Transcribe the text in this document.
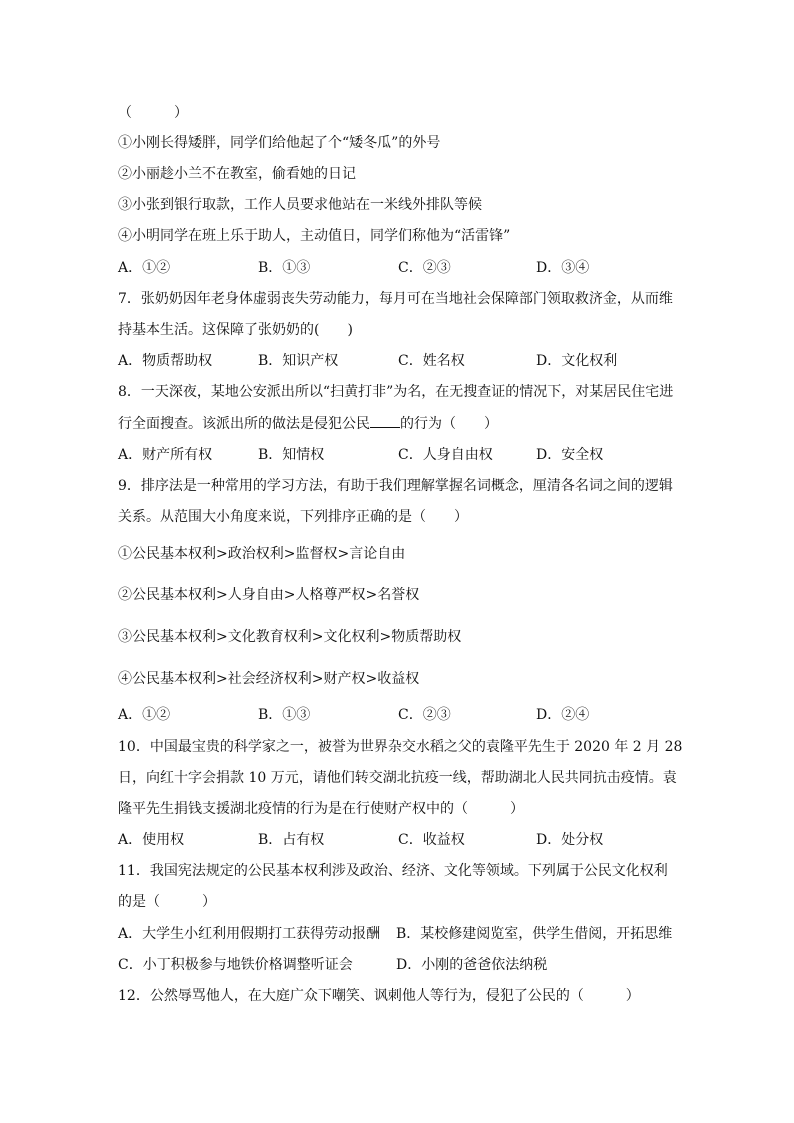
（　　　）
①小刚长得矮胖，同学们给他起了个“矮冬瓜”的外号
②小丽趁小兰不在教室，偷看她的日记
③小张到银行取款，工作人员要求他站在一米线外排队等候
④小明同学在班上乐于助人，主动值日，同学们称他为“活雷锋”
A．①②	B．①③	C．②③	D．③④
7．张奶奶因年老身体虚弱丧失劳动能力，每月可在当地社会保障部门领取救济金，从而维
持基本生活。这保障了张奶奶的(　　)
A．物质帮助权	B．知识产权	C．姓名权	D．文化权利
8．一天深夜，某地公安派出所以“扫黄打非”为名，在无搜查证的情况下，对某居民住宅进
行全面搜查。该派出所的做法是侵犯公民 的行为（　　）
A．财产所有权	B．知情权	C．人身自由权	D．安全权
9．排序法是一种常用的学习方法，有助于我们理解掌握名词概念，厘清各名词之间的逻辑
关系。从范围大小角度来说，下列排序正确的是（　　）
①公民基本权利>政治权利>监督权>言论自由
②公民基本权利>人身自由>人格尊严权>名誉权
③公民基本权利>文化教育权利>文化权利>物质帮助权
④公民基本权利>社会经济权利>财产权>收益权
A．①②	B．①③	C．②③	D．②④
10．中国最宝贵的科学家之一，被誉为世界杂交水稻之父的袁隆平先生于 2020 年 2 月 28
日，向红十字会捐款 10 万元，请他们转交湖北抗疫一线，帮助湖北人民共同抗击疫情。袁
隆平先生捐钱支援湖北疫情的行为是在行使财产权中的（　　　）
A．使用权	B．占有权	C．收益权	D．处分权
11．我国宪法规定的公民基本权利涉及政治、经济、文化等领域。下列属于公民文化权利
的是（　　　）
A．大学生小红利用假期打工获得劳动报酬 B．某校修建阅览室，供学生借阅，开拓思维
C．小丁积极参与地铁价格调整听证会	D．小刚的爸爸依法纳税
12．公然辱骂他人，在大庭广众下嘲笑、讽刺他人等行为，侵犯了公民的（　　　）
